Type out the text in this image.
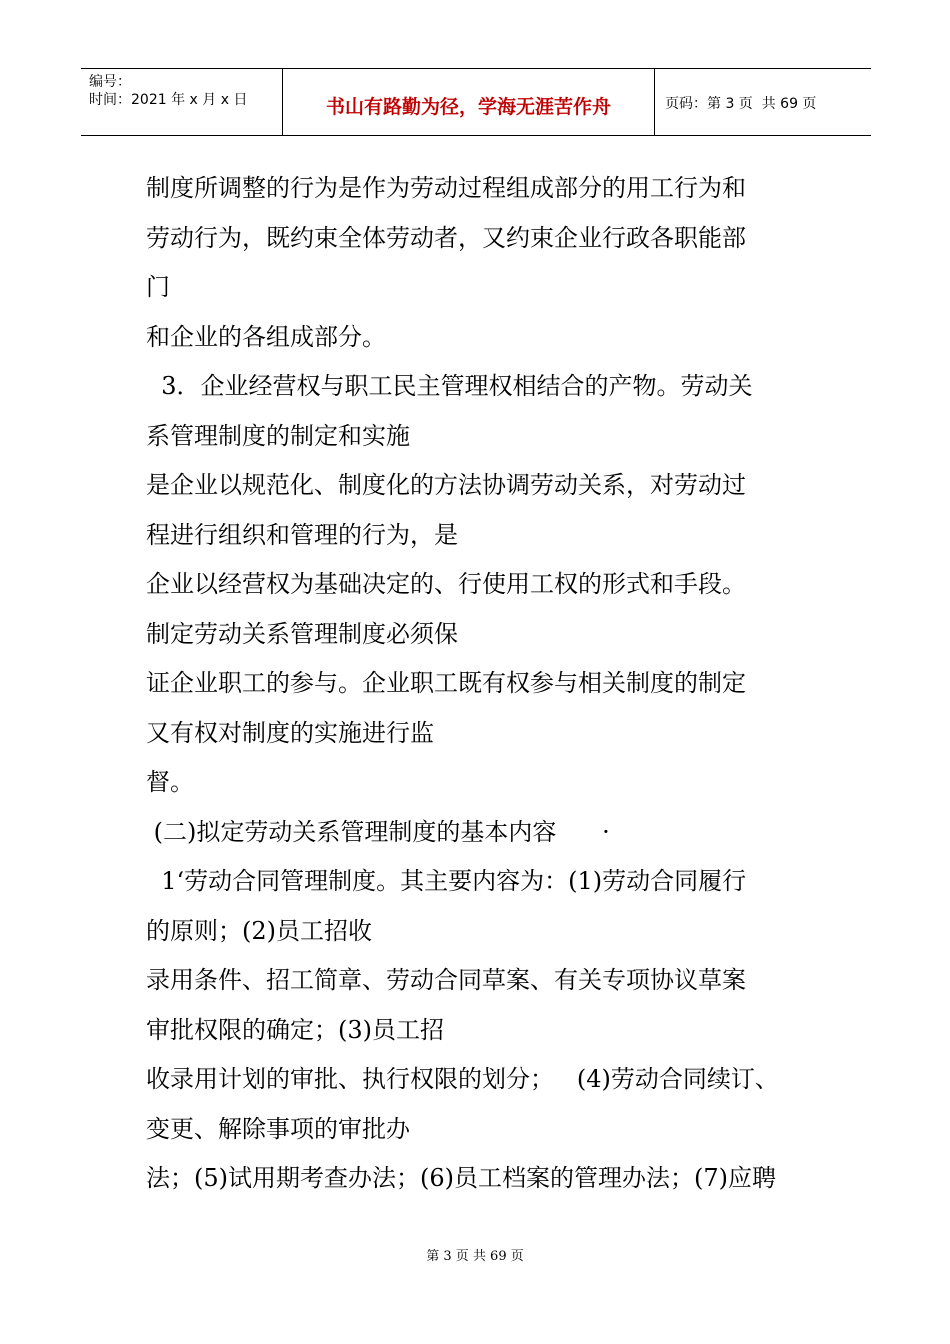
编号：
时间：2021 年 x 月 x 日	书山有路勤为径，学海无涯苦作舟	页码：第 3 页  共 69 页
制度所调整的行为是作为劳动过程组成部分的用工行为和
劳动行为，既约束全体劳动者，又约束企业行政各职能部
门
和企业的各组成部分。
3．企业经营权与职工民主管理权相结合的产物。劳动关
系管理制度的制定和实施
是企业以规范化、制度化的方法协调劳动关系，对劳动过
程进行组织和管理的行为，是
企业以经营权为基础决定的、行使用工权的形式和手段。
制定劳动关系管理制度必须保
证企业职工的参与。企业职工既有权参与相关制度的制定
又有权对制度的实施进行监
督。
(二)拟定劳动关系管理制度的基本内容      ·
1‘劳动合同管理制度。其主要内容为：(1)劳动合同履行
的原则；(2)员工招收
录用条件、招工简章、劳动合同草案、有关专项协议草案
审批权限的确定；(3)员工招
收录用计划的审批、执行权限的划分；   (4)劳动合同续订、
变更、解除事项的审批办
法；(5)试用期考查办法；(6)员工档案的管理办法；(7)应聘
第 3 页 共 69 页
